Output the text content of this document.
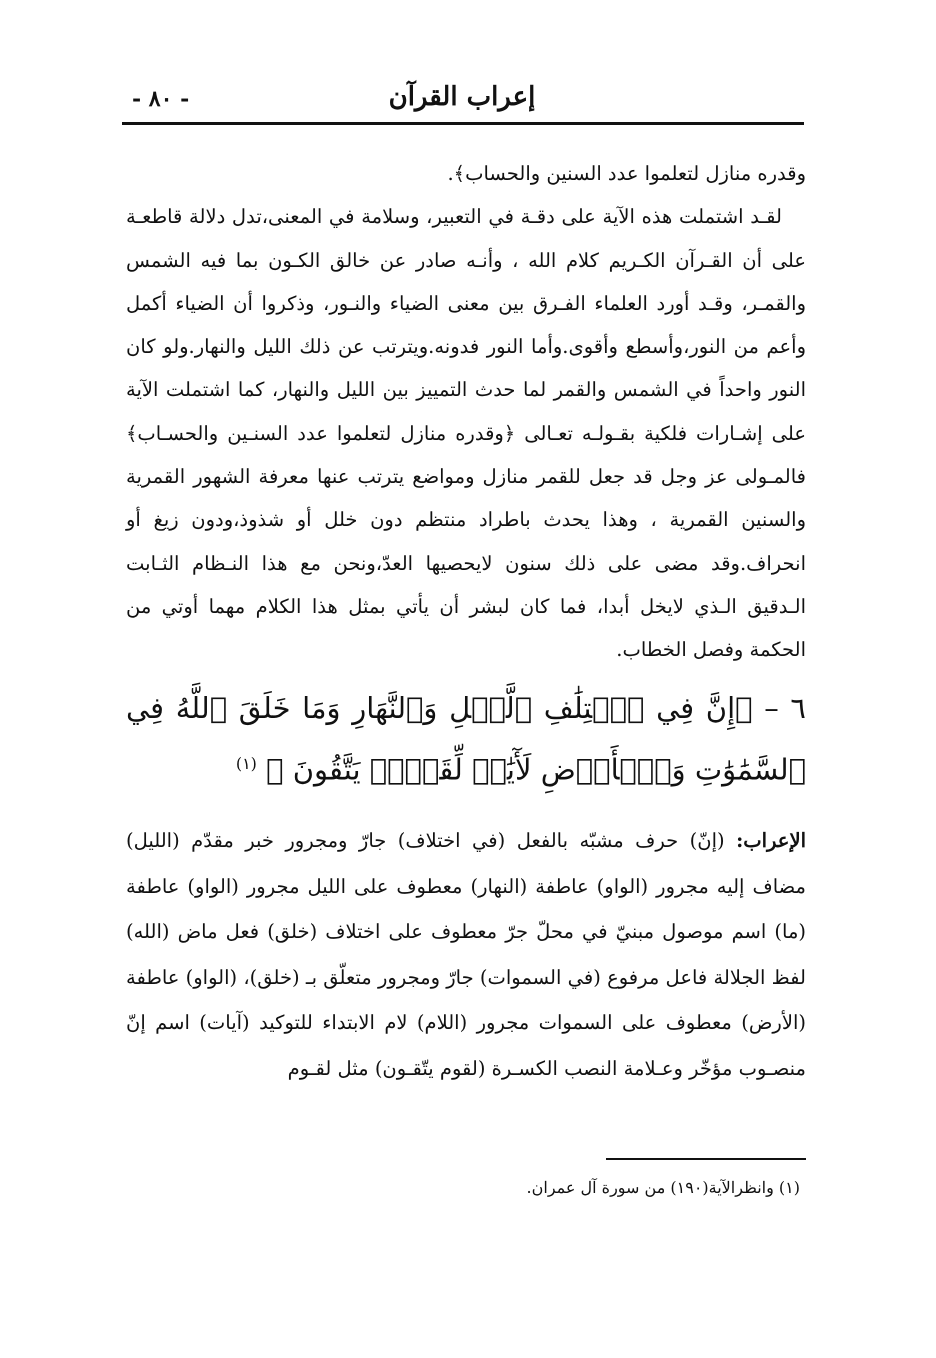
إعراب القرآن
- ٨٠ -

وقدره منازل لتعلموا عدد السنين والحساب﴾.

لقـد اشتملت هذه الآية على دقـة في التعبير، وسلامة في المعنى،تدل دلالة قاطعـة على أن القـرآن الكـريم كلام الله ، وأنـه صادر عن خالق الكـون بما فيه الشمس والقمـر، وقـد أورد العلماء الفـرق بين معنى الضياء والنـور، وذكروا أن الضياء أكمل وأعم من النور،وأسطع وأقوى.وأما النور فدونه.ويترتب عن ذلك الليل والنهار.ولو كان النور واحداً في الشمس والقمر لما حدث التمييز بين الليل والنهار، كما اشتملت الآية على إشـارات فلكية بقـولـه تعـالى ﴿وقدره منازل لتعلموا عدد السنـين والحسـاب﴾ فالمـولى عز وجل قد جعل للقمر منازل ومواضع يترتب عنها معرفة الشهور القمرية والسنين القمرية ، وهذا يحدث باطراد منتظم دون خلل أو شذوذ،ودون زيغ أو انحراف.وقد مضى على ذلك سنون لايحصيها العدّ،ونحن مع هذا النـظام الثـابت الـدقيق الـذي لايخل أبدا، فما كان لبشر أن يأتي بمثل هذا الكلام مهما أوتي من الحكمة وفصل الخطاب.

٦ – ﴿إِنَّ فِي ٱخۡتِلَٰفِ ٱلَّيۡلِ وَٱلنَّهَارِ وَمَا خَلَقَ ٱللَّهُ فِي ٱلسَّمَٰوَٰتِ وَٱلۡأَرۡضِ لَأٓيَٰتٖ لِّقَوۡمٖ يَتَّقُونَ ﴾ $^{(١)}$
الإعراب: (إنّ) حرف مشبّه بالفعل (في اختلاف) جارّ ومجرور خبر مقدّم (الليل) مضاف إليه مجرور (الواو) عاطفة (النهار) معطوف على الليل مجرور (الواو) عاطفة (ما) اسم موصول مبنيّ في محلّ جرّ معطوف على اختلاف (خلق) فعل ماض (الله) لفظ الجلالة فاعل مرفوع (في السموات) جارّ ومجرور متعلّق بـ (خلق)، (الواو) عاطفة (الأرض) معطوف على السموات مجرور (اللام) لام الابتداء للتوكيد (آيات) اسم إنّ منصـوب مؤخّر وعـلامة النصب الكسـرة (لقوم يتّقـون) مثل لقـوم
(١) وانظرالآية(١٩٠) من سورة آل عمران.
